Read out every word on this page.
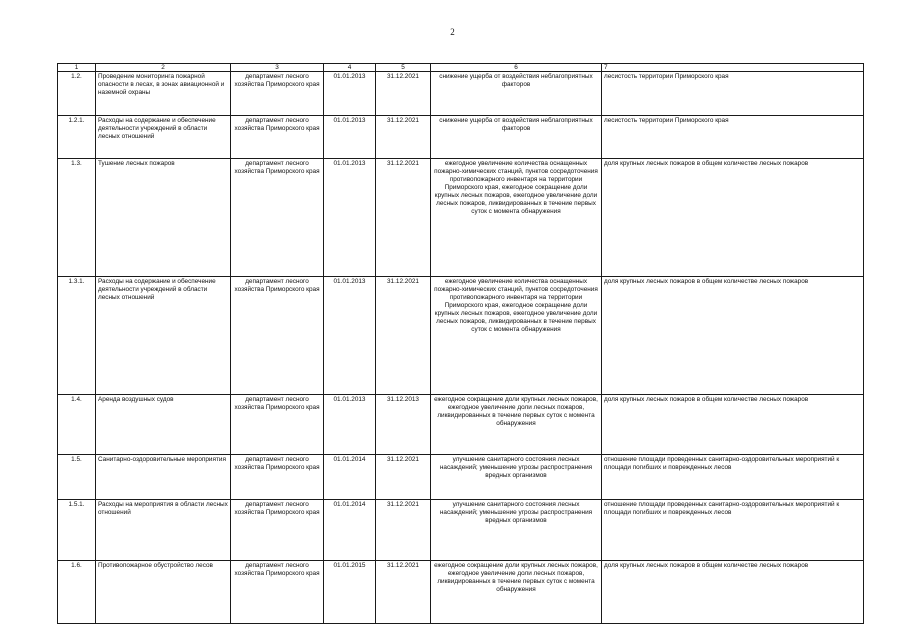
2
1	2	3	4	5	6	7
1.2.	Проведение мониторинга пожарной опасности в лесах, в зонах авиационной и наземной охраны	департамент лесного хозяйства Приморского края	01.01.2013	31.12.2021	снижение ущерба от воздействия неблагоприятных факторов	лесистость территории Приморского края
1.2.1.	Расходы на содержание и обеспечение деятельности учреждений в области лесных отношений	департамент лесного хозяйства Приморского края	01.01.2013	31.12.2021	снижение ущерба от воздействия неблагоприятных факторов	лесистость территории Приморского края
1.3.	Тушение лесных пожаров	департамент лесного хозяйства Приморского края	01.01.2013	31.12.2021	ежегодное увеличение количества оснащенных пожарно-химических станций, пунктов сосредоточения противопожарного инвентаря на территории Приморского края, ежегодное сокращение доли крупных лесных пожаров, ежегодное увеличение доли лесных пожаров, ликвидированных в течение первых суток с момента обнаружения	доля крупных лесных пожаров в общем количестве лесных пожаров
1.3.1.	Расходы на содержание и обеспечение деятельности учреждений в области лесных отношений	департамент лесного хозяйства Приморского края	01.01.2013	31.12.2021	ежегодное увеличение количества оснащенных пожарно-химических станций, пунктов сосредоточения противопожарного инвентаря на территории Приморского края, ежегодное сокращение доли крупных лесных пожаров, ежегодное увеличение доли лесных пожаров, ликвидированных в течение первых суток с момента обнаружения	доля крупных лесных пожаров в общем количестве лесных пожаров
1.4.	Аренда воздушных судов	департамент лесного хозяйства Приморского края	01.01.2013	31.12.2013	ежегодное сокращение доли крупных лесных пожаров, ежегодное увеличение доли лесных пожаров, ликвидированных в течение первых суток с момента обнаружения	доля крупных лесных пожаров в общем количестве лесных пожаров
1.5.	Санитарно-оздоровительные мероприятия	департамент лесного хозяйства Приморского края	01.01.2014	31.12.2021	улучшение санитарного состояния лесных насаждений; уменьшение угрозы распространения вредных организмов	отношение площади проведенных санитарно-оздоровительных мероприятий к площади погибших и поврежденных лесов
1.5.1.	Расходы на мероприятия в области лесных отношений	департамент лесного хозяйства Приморского края	01.01.2014	31.12.2021	улучшение санитарного состояния лесных насаждений; уменьшение угрозы распространения вредных организмов	отношение площади проведенных санитарно-оздоровительных мероприятий к площади погибших и поврежденных лесов
1.6.	Противопожарное обустройство лесов	департамент лесного хозяйства Приморского края	01.01.2015	31.12.2021	ежегодное сокращение доли крупных лесных пожаров, ежегодное увеличение доли лесных пожаров, ликвидированных в течение первых суток с момента обнаружения	доля крупных лесных пожаров в общем количестве лесных пожаров
